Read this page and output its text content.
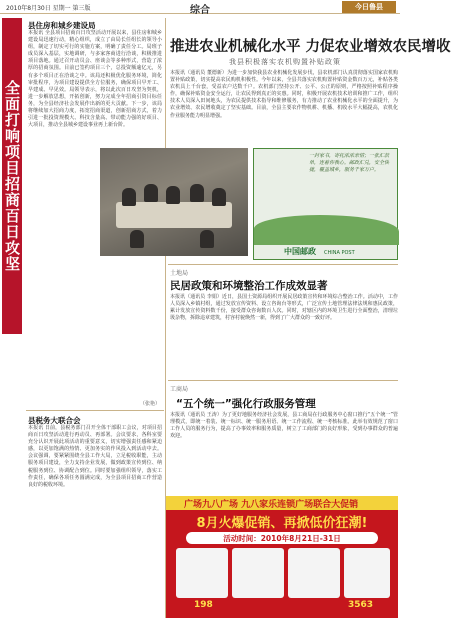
2010年8月30日 星期一 第三版	综合	今日鲁县
全面打响项目招商百日攻坚
县住房和城乡建设局
本报讯 全县项目招商百日攻坚活动开展以来，县住房和城乡建设局迅速行动，精心组织，成立了由局长任组长的领导小组，制定了切实可行的实施方案，明确了责任分工。局班子成员深入基层，实地调研，与多家客商进行洽谈，积极推进项目落地。通过召开动员会、座谈会等多种形式，营造了浓厚的招商氛围。目前已签约项目三个，总投资额逾亿元，另有多个项目正在洽谈之中。该局还积极优化服务环境，简化审批程序，为项目建设提供全方位服务，确保项目早开工、早建成、早见效。局领导表示，将以此次百日攻坚为契机，进一步解放思想，开拓创新，努力完成全年招商引资目标任务，为全县经济社会发展作出新的更大贡献。下一步，该局将继续加大招商力度，拓宽招商渠道，创新招商方式，着力引进一批投资规模大、科技含量高、带动能力强的好项目、大项目，推动全县城乡建设事业再上新台阶。
（张艳）
县税务大联合会
本报讯 日前，县税务部门召开全体干部职工会议，对项目招商百日攻坚活动进行再动员、再部署。会议要求，各科室要充分认识开展此项活动的重要意义，切实增强责任感和紧迫感，以更加饱满的热情、更加务实的作风投入到活动中去。会议强调，要紧紧围绕全县工作大局，立足税收职能，主动服务项目建设，全力支持企业发展，做到政策宣传到位、纳税服务到位、协调配合到位。同时要加强组织领导，落实工作责任，确保各项任务圆满完成，为全县项目招商工作营造良好的税收环境。
推进农业机械化水平 力促农业增效农民增收
我县积极落实农机购置补贴政策
本报讯（通讯员 董德新）为进一步加快我县农业机械化发展步伐，县农机部门认真贯彻落实国家农机购置补贴政策，切实提高农民购机积极性。今年以来，全县共落实农机购置补贴资金数百万元，补贴各类农机具上千台套，受益农户达数千户。农机部门坚持公开、公平、公正的原则，严格按照补贴程序操作，确保补贴资金安全运行，让农民得到真正的实惠。同时，积极开展农机技术培训和推广工作，组织技术人员深入田间地头，为农民提供技术指导和维修服务，有力推动了农业机械化水平的全面提升，为农业增效、农民增收奠定了坚实基础。目前，全县主要农作物机耕、机播、机收水平大幅提高，农机化作业服务能力明显增强。
一封家书，寄托浓浓亲情；一张汇款单，连着你我心。邮政汇兑，安全快捷，覆盖城乡，服务千家万户。
中国邮政 CHINA POST
土地局
民居政策和环境整治工作成效显著
本报讯（通讯员 李娟）近日，县国土资源局组织开展民居政策宣传和环境综合整治工作。活动中，工作人员深入乡镇村组，通过发放宣传资料、设立咨询台等形式，广泛宣传土地管理法律法规和惠民政策，累计发放宣传资料数千份，接受群众咨询数百人次。同时，对辖区内的环境卫生进行全面整治，清理垃圾杂物，拆除违章建筑，村容村貌焕然一新，得到了广大群众的一致好评。
工商局
“五个统一”强化行政服务管理
本报讯（通讯员 王涛）为了更好地服务经济社会发展，县工商局在行政服务中心窗口推行“五个统一”管理模式，即统一着装、统一标识、统一服务用语、统一工作流程、统一考核标准。此举有效规范了窗口工作人员的服务行为，提高了办事效率和服务质量，树立了工商部门的良好形象，受到办事群众的普遍欢迎。
广场九八广场 九八家乐连锁广场联合大促销
8月火爆促销、再掀低价狂潮!
活动时间：2010年8月21日-31日
198	3563
